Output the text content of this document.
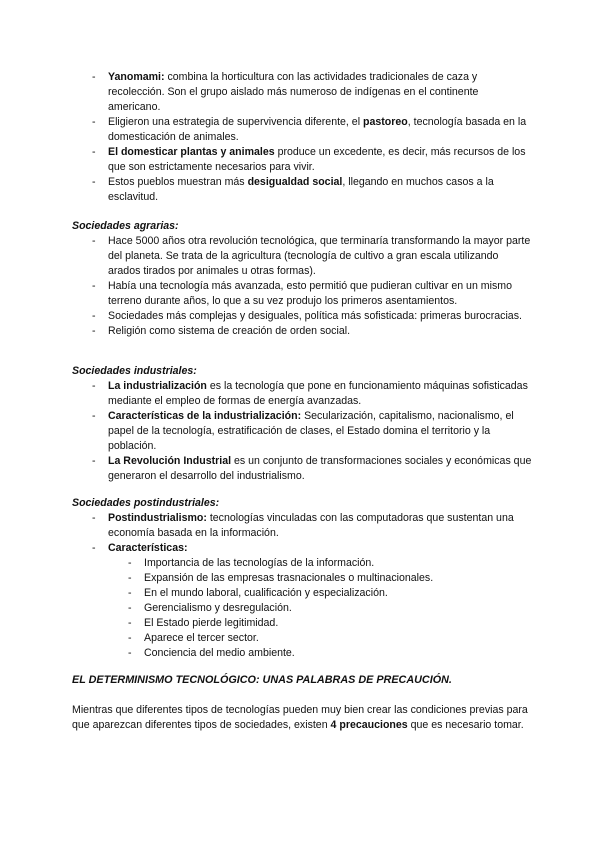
- Yanomami: combina la horticultura con las actividades tradicionales de caza y recolección. Son el grupo aislado más numeroso de indígenas en el continente americano.
- Eligieron una estrategia de supervivencia diferente, el pastoreo, tecnología basada en la domesticación de animales.
- El domesticar plantas y animales produce un excedente, es decir, más recursos de los que son estrictamente necesarios para vivir.
- Estos pueblos muestran más desigualdad social, llegando en muchos casos a la esclavitud.
Sociedades agrarias:
- Hace 5000 años otra revolución tecnológica, que terminaría transformando la mayor parte del planeta. Se trata de la agricultura (tecnología de cultivo a gran escala utilizando arados tirados por animales u otras formas).
- Había una tecnología más avanzada, esto permitió que pudieran cultivar en un mismo terreno durante años, lo que a su vez produjo los primeros asentamientos.
- Sociedades más complejas y desiguales, política más sofisticada: primeras burocracias.
- Religión como sistema de creación de orden social.
Sociedades industriales:
- La industrialización es la tecnología que pone en funcionamiento máquinas sofisticadas mediante el empleo de formas de energía avanzadas.
- Características de la industrialización: Secularización, capitalismo, nacionalismo, el papel de la tecnología, estratificación de clases, el Estado domina el territorio y la población.
- La Revolución Industrial es un conjunto de transformaciones sociales y económicas que generaron el desarrollo del industrialismo.
Sociedades postindustriales:
- Postindustrialismo: tecnologías vinculadas con las computadoras que sustentan una economía basada en la información.
- Características:
- Importancia de las tecnologías de la información.
- Expansión de las empresas trasnacionales o multinacionales.
- En el mundo laboral, cualificación y especialización.
- Gerencialismo y desregulación.
- El Estado pierde legitimidad.
- Aparece el tercer sector.
- Conciencia del medio ambiente.
EL DETERMINISMO TECNOLÓGICO: UNAS PALABRAS DE PRECAUCIÓN.

Mientras que diferentes tipos de tecnologías pueden muy bien crear las condiciones previas para que aparezcan diferentes tipos de sociedades, existen 4 precauciones que es necesario tomar.
